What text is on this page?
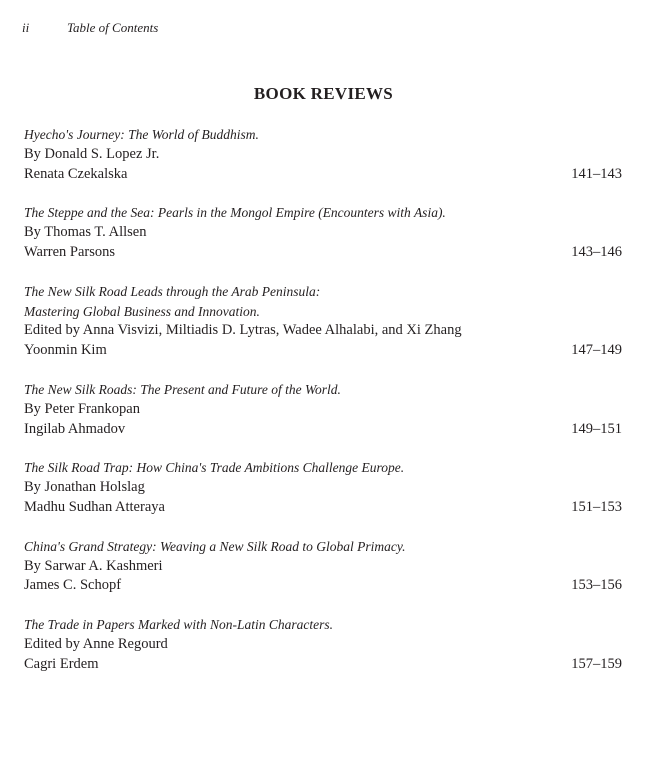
ii	Table of Contents
BOOK REVIEWS
Hyecho's Journey: The World of Buddhism.
By Donald S. Lopez Jr.
Renata Czekalska	141–143
The Steppe and the Sea: Pearls in the Mongol Empire (Encounters with Asia).
By Thomas T. Allsen
Warren Parsons	143–146
The New Silk Road Leads through the Arab Peninsula:
Mastering Global Business and Innovation.
Edited by Anna Visvizi, Miltiadis D. Lytras, Wadee Alhalabi, and Xi Zhang
Yoonmin Kim	147–149
The New Silk Roads: The Present and Future of the World.
By Peter Frankopan
Ingilab Ahmadov	149–151
The Silk Road Trap: How China's Trade Ambitions Challenge Europe.
By Jonathan Holslag
Madhu Sudhan Atteraya	151–153
China's Grand Strategy: Weaving a New Silk Road to Global Primacy.
By Sarwar A. Kashmeri
James C. Schopf	153–156
The Trade in Papers Marked with Non-Latin Characters.
Edited by Anne Regourd
Cagri Erdem	157–159
